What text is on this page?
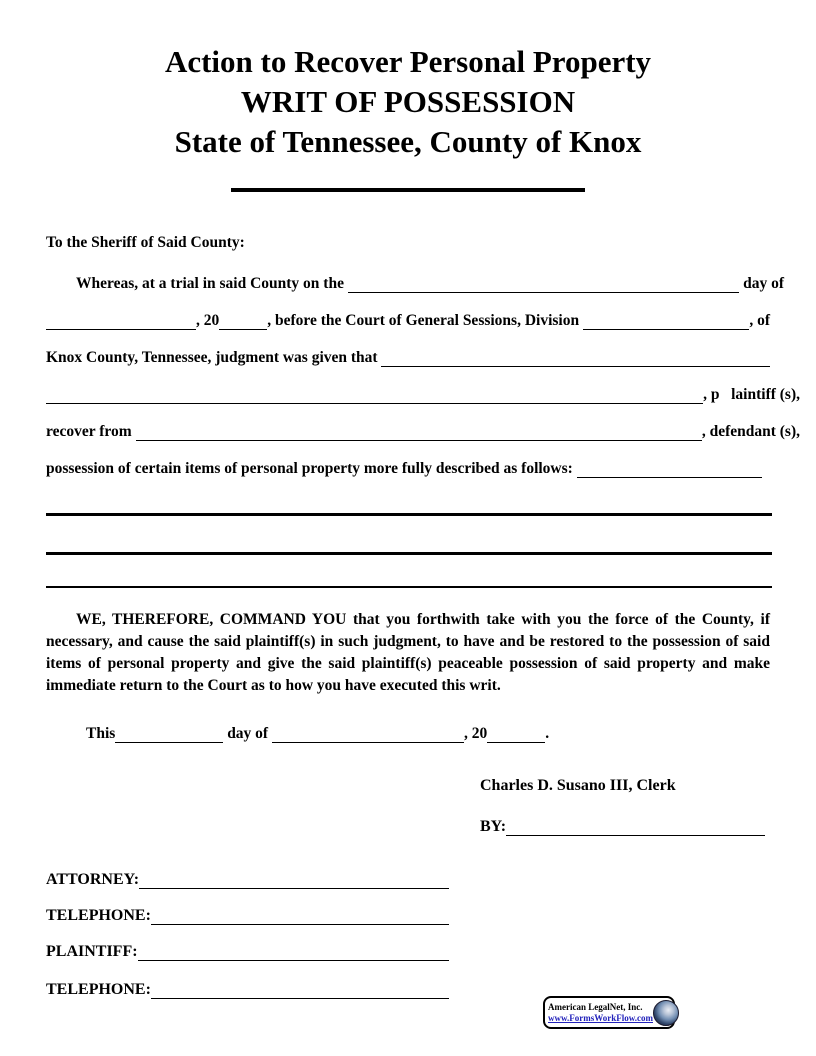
Action to Recover Personal Property
WRIT OF POSSESSION
State of Tennessee, County of Knox
To the Sheriff of Said County:
Whereas, at a trial in said County on the	day of
, 20	, before the Court of General Sessions, Division	, of
Knox County, Tennessee, judgment was given that
, p   laintiff (s),
recover from	, defendant (s),
possession of certain items of personal property more fully described as follows:
WE, THEREFORE, COMMAND YOU that you forthwith take with you the force of the County, if necessary, and cause the said plaintiff(s) in such judgment, to have and be restored to the possession of said items of personal property and give the said plaintiff(s) peaceable possession of said property and make immediate return to the Court as to how you have executed this writ.
This	day of	, 20	.
Charles D. Susano III, Clerk
BY:
ATTORNEY:
TELEPHONE:
PLAINTIFF:
TELEPHONE:
American LegalNet, Inc.
www.FormsWorkFlow.com
